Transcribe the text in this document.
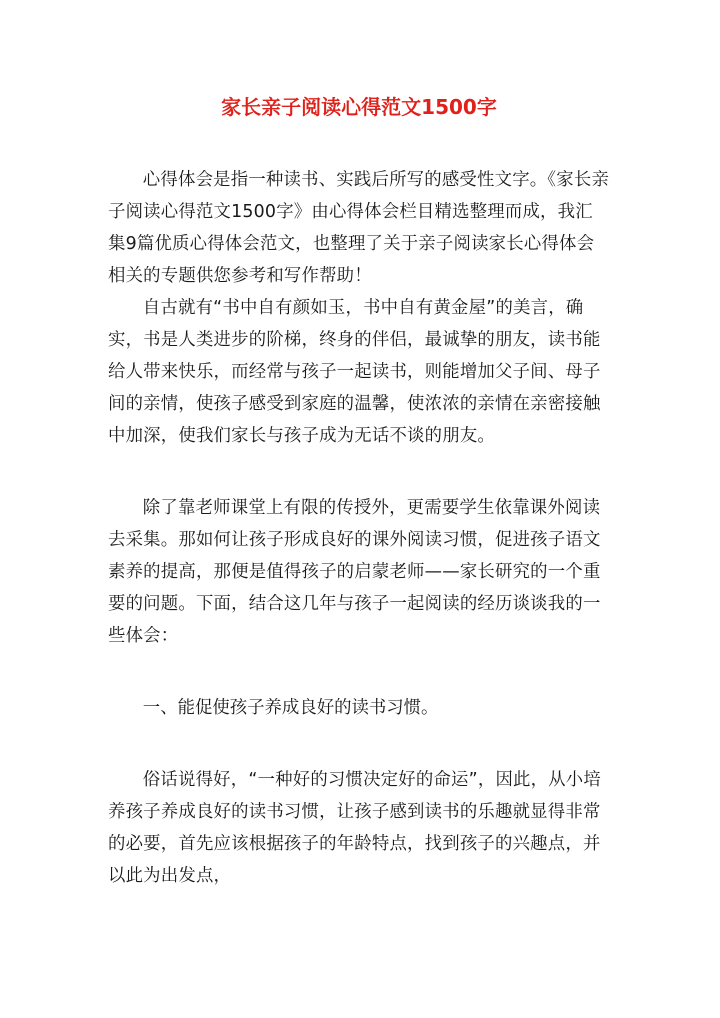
家长亲子阅读心得范文1500字

心得体会是指一种读书、实践后所写的感受性文字。《家长亲子阅读心得范文1500字》由心得体会栏目精选整理而成，我汇集9篇优质心得体会范文，也整理了关于亲子阅读家长心得体会相关的专题供您参考和写作帮助！

自古就有“书中自有颜如玉，书中自有黄金屋”的美言，确实，书是人类进步的阶梯，终身的伴侣，最诚挚的朋友，读书能给人带来快乐，而经常与孩子一起读书，则能增加父子间、母子间的亲情，使孩子感受到家庭的温馨，使浓浓的亲情在亲密接触中加深，使我们家长与孩子成为无话不谈的朋友。

除了靠老师课堂上有限的传授外，更需要学生依靠课外阅读去采集。那如何让孩子形成良好的课外阅读习惯，促进孩子语文素养的提高，那便是值得孩子的启蒙老师——家长研究的一个重要的问题。下面，结合这几年与孩子一起阅读的经历谈谈我的一些体会：

一、能促使孩子养成良好的读书习惯。

俗话说得好，“一种好的习惯决定好的命运”，因此，从小培养孩子养成良好的读书习惯，让孩子感到读书的乐趣就显得非常的必要，首先应该根据孩子的年龄特点，找到孩子的兴趣点，并以此为出发点，
